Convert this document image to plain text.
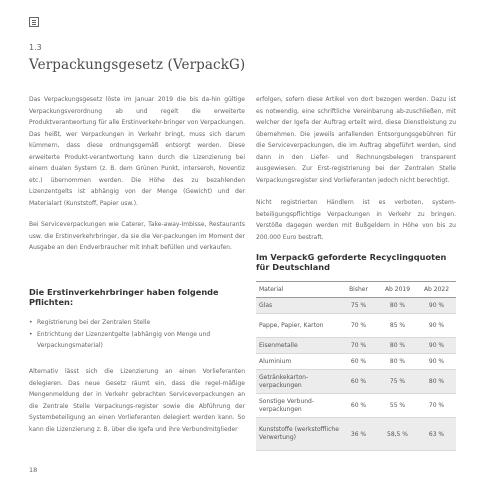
1.3
Verpackungsgesetz (VerpackG)

Das Verpackungsgesetz löste im Januar 2019 die bis da-hin gültige Verpackungsverordnung ab und regelt die erweiterte Produktverantwortung für alle Erstinverkehr-bringer von Verpackungen. Das heißt, wer Verpackungen in Verkehr bringt, muss sich darum kümmern, dass diese ordnungsgemäß entsorgt werden. Diese erweiterte Produkt-verantwortung kann durch die Lizenzierung bei einem dualen System (z. B. dem Grünen Punkt, interseroh, Noventiz etc.) übernommen werden. Die Höhe des zu bezahlenden Lizenzentgelts ist abhängig von der Menge (Gewicht) und der Materialart (Kunststoff, Papier usw.).

Bei Serviceverpackungen wie Caterer, Take-away-Imbisse, Restaurants usw. die Erstinverkehrbringer, da sie die Ver-packungen im Moment der Ausgabe an den Endverbraucher mit Inhalt befüllen und verkaufen.

Die Erstinverkehrbringer haben folgende Pflichten:
• Registrierung bei der Zentralen Stelle
• Entrichtung der Lizenzentgelte (abhängig von Menge und Verpackungsmaterial)

Alternativ lässt sich die Lizenzierung an einen Vorlieferanten delegieren. Das neue Gesetz räumt ein, dass die regel-mäßige Mengenmeldung der in Verkehr gebrachten Serviceverpackungen an die Zentrale Stelle Verpackungs-register sowie die Abführung der Systembeteiligung an einen Vorlieferanten delegiert werden kann. So kann die Lizenzierung z. B. über die Igefa und ihre Verbundmitglieder

erfolgen, sofern diese Artikel von dort bezogen werden. Dazu ist es notwendig, eine schriftliche Vereinbarung ab-zuschließen, mit welcher der Igefa der Auftrag erteilt wird, diese Dienstleistung zu übernehmen. Die jeweils anfallenden Entsorgungsgebühren für die Serviceverpackungen, die im Auftrag abgeführt werden, sind dann in den Liefer- und Rechnungsbelegen transparent ausgewiesen. Zur Erst-registrierung bei der Zentralen Stelle Verpackungsregister sind Vorlieferanten jedoch nicht berechtigt.

Nicht registrierten Händlern ist es verboten, system-beteiligungspflichtige Verpackungen in Verkehr zu bringen. Verstöße dagegen werden mit Bußgeldern in Höhe von bis zu 200.000 Euro bestraft.

Im VerpackG geforderte Recyclingquoten für Deutschland
Material	Bisher	Ab 2019	Ab 2022
Glas	75 %	80 %	90 %
Pappe, Papier, Karton	70 %	85 %	90 %
Eisenmetalle	70 %	80 %	90 %
Aluminium	60 %	80 %	90 %
Getränkekarton-verpackungen	60 %	75 %	80 %
Sonstige Verbund-verpackungen	60 %	55 %	70 %
Kunststoffe (werkstoffliche Verwertung)	36 %	58,5 %	63 %
18
